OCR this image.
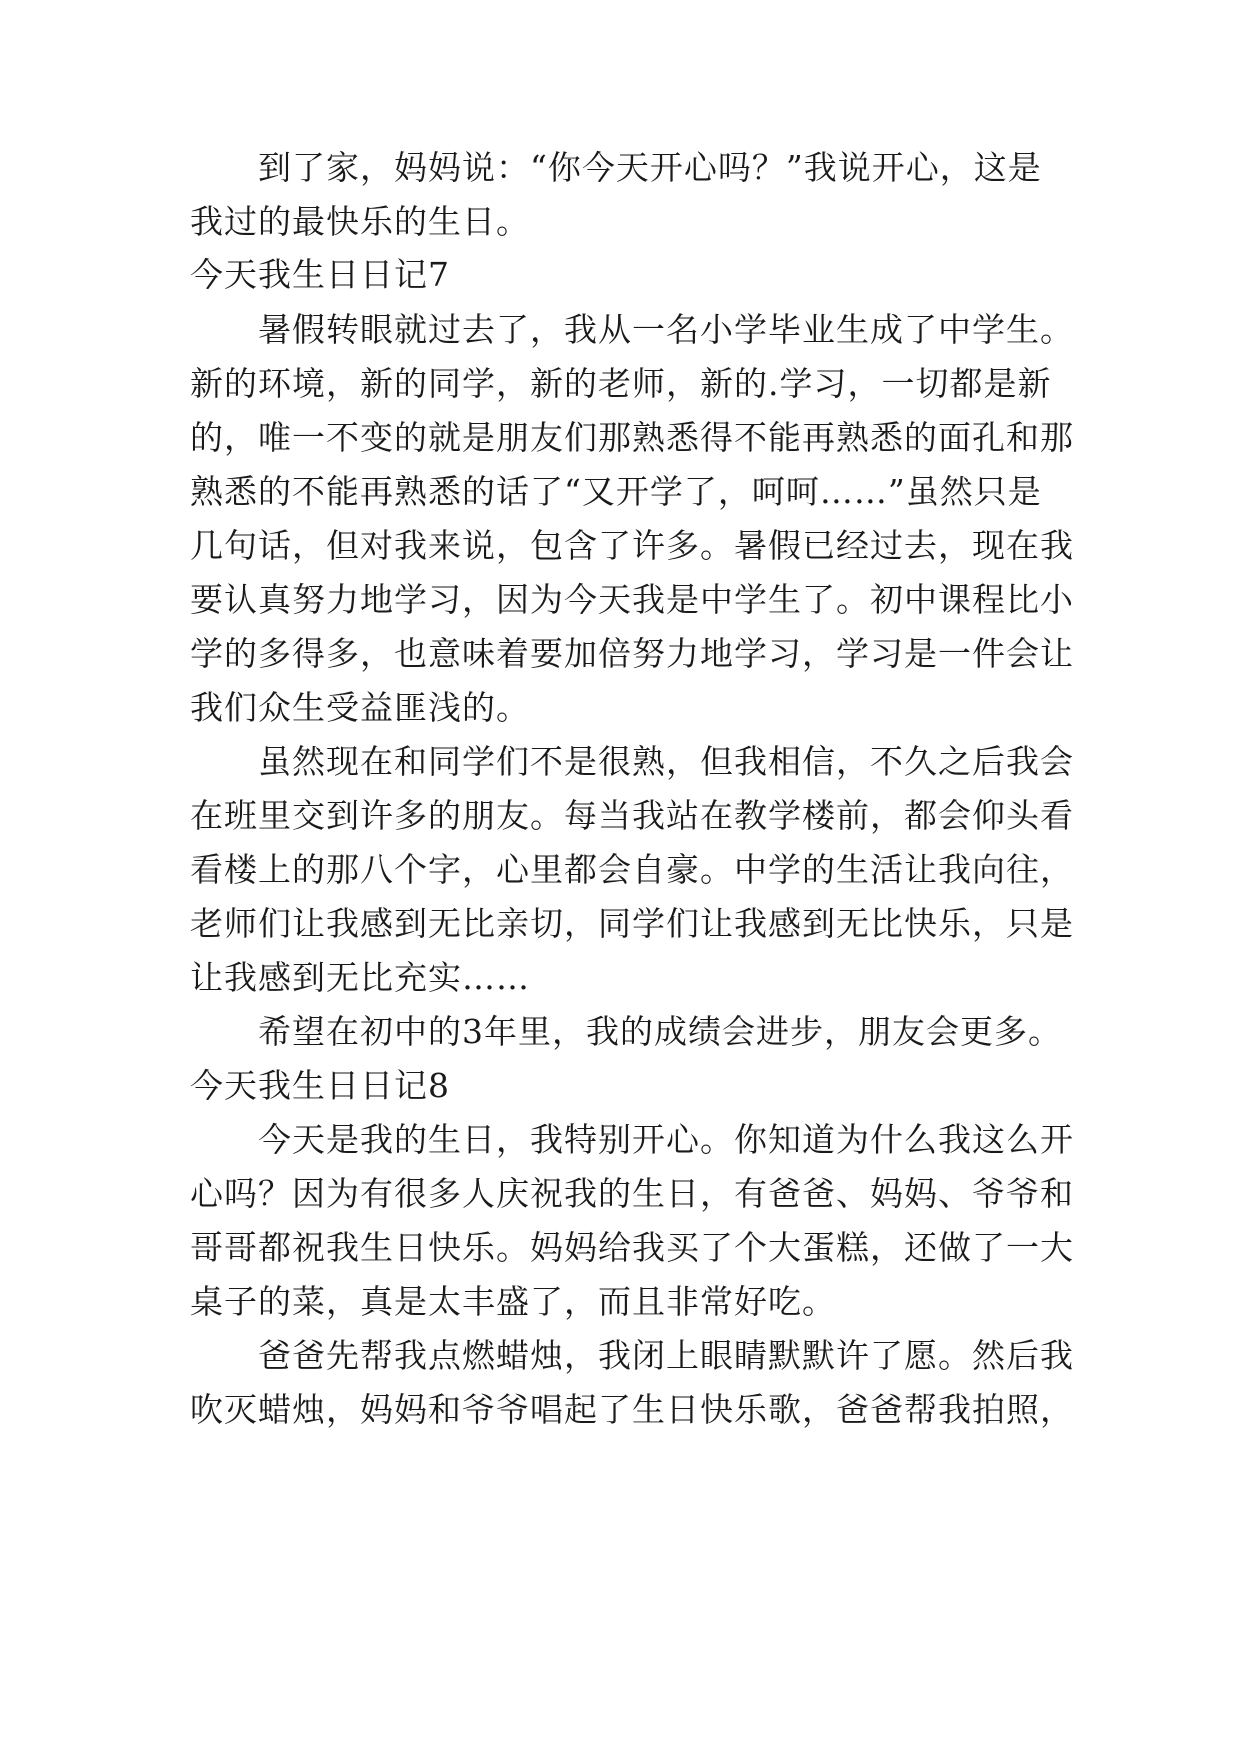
到了家，妈妈说：“你今天开心吗？”我说开心，这是
我过的最快乐的生日。
今天我生日日记7
暑假转眼就过去了，我从一名小学毕业生成了中学生。
新的环境，新的同学，新的老师，新的.学习，一切都是新
的，唯一不变的就是朋友们那熟悉得不能再熟悉的面孔和那
熟悉的不能再熟悉的话了“又开学了，呵呵……”虽然只是
几句话，但对我来说，包含了许多。暑假已经过去，现在我
要认真努力地学习，因为今天我是中学生了。初中课程比小
学的多得多，也意味着要加倍努力地学习，学习是一件会让
我们众生受益匪浅的。
虽然现在和同学们不是很熟，但我相信，不久之后我会
在班里交到许多的朋友。每当我站在教学楼前，都会仰头看
看楼上的那八个字，心里都会自豪。中学的生活让我向往，
老师们让我感到无比亲切，同学们让我感到无比快乐，只是
让我感到无比充实……
希望在初中的3年里，我的成绩会进步，朋友会更多。
今天我生日日记8
今天是我的生日，我特别开心。你知道为什么我这么开
心吗？因为有很多人庆祝我的生日，有爸爸、妈妈、爷爷和
哥哥都祝我生日快乐。妈妈给我买了个大蛋糕，还做了一大
桌子的菜，真是太丰盛了，而且非常好吃。
爸爸先帮我点燃蜡烛，我闭上眼睛默默许了愿。然后我
吹灭蜡烛，妈妈和爷爷唱起了生日快乐歌，爸爸帮我拍照，
